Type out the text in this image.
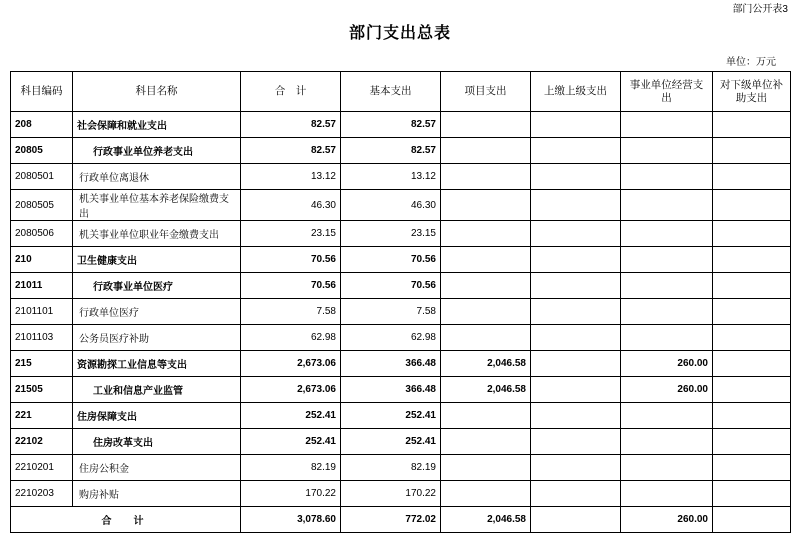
部门公开表3
部门支出总表
单位：万元
科目编码	科目名称	合　计	基本支出	项目支出	上缴上级支出	事业单位经营支出	对下级单位补助支出
208	社会保障和就业支出	82.57	82.57				
20805	行政事业单位养老支出	82.57	82.57				
2080501	行政单位离退休	13.12	13.12				
2080505	机关事业单位基本养老保险缴费支出	46.30	46.30				
2080506	机关事业单位职业年金缴费支出	23.15	23.15				
210	卫生健康支出	70.56	70.56				
21011	行政事业单位医疗	70.56	70.56				
2101101	行政单位医疗	7.58	7.58				
2101103	公务员医疗补助	62.98	62.98				
215	资源勘探工业信息等支出	2,673.06	366.48	2,046.58		260.00	
21505	工业和信息产业监管	2,673.06	366.48	2,046.58		260.00	
221	住房保障支出	252.41	252.41				
22102	住房改革支出	252.41	252.41				
2210201	住房公积金	82.19	82.19				
2210203	购房补贴	170.22	170.22				
合　计		3,078.60	772.02	2,046.58		260.00	
